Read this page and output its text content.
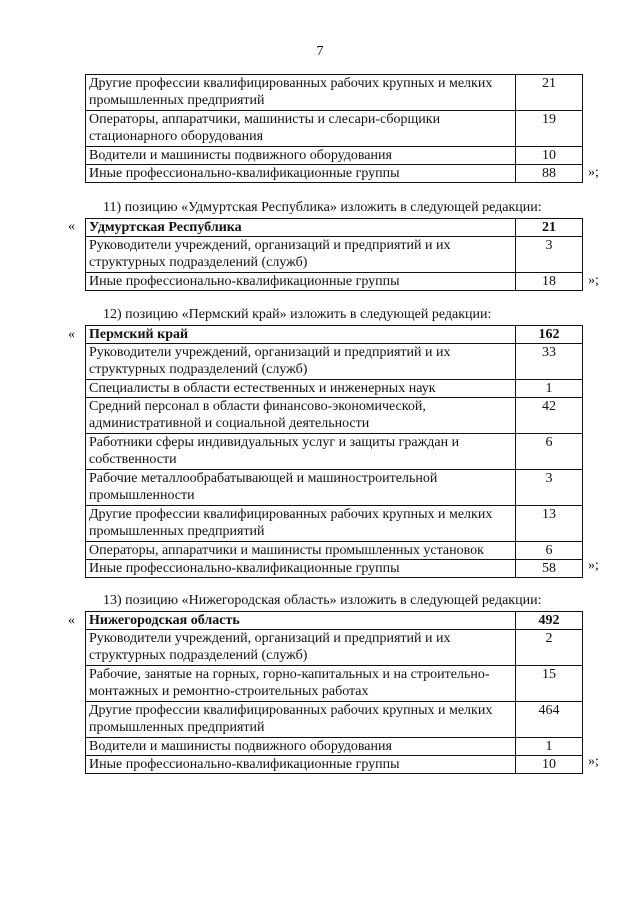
7
Другие профессии квалифицированных рабочих крупных и мелких промышленных предприятий	21
Операторы, аппаратчики, машинисты и слесари-сборщики стационарного оборудования	19
Водители и машинисты подвижного оборудования	10
Иные профессионально-квалификационные группы	88 »;
11) позицию «Удмуртская Республика» изложить в следующей редакции:
« Удмуртская Республика	21
Руководители учреждений, организаций и предприятий и их структурных подразделений (служб)	3
Иные профессионально-квалификационные группы	18 »;
12) позицию «Пермский край» изложить в следующей редакции:
« Пермский край	162
Руководители учреждений, организаций и предприятий и их структурных подразделений (служб)	33
Специалисты в области естественных и инженерных наук	1
Средний персонал в области финансово-экономической, административной и социальной деятельности	42
Работники сферы индивидуальных услуг и защиты граждан и собственности	6
Рабочие металлообрабатывающей и машиностроительной промышленности	3
Другие профессии квалифицированных рабочих крупных и мелких промышленных предприятий	13
Операторы, аппаратчики и машинисты промышленных установок	6
Иные профессионально-квалификационные группы	58 »;
13) позицию «Нижегородская область» изложить в следующей редакции:
« Нижегородская область	492
Руководители учреждений, организаций и предприятий и их структурных подразделений (служб)	2
Рабочие, занятые на горных, горно-капитальных и на строительно-монтажных и ремонтно-строительных работах	15
Другие профессии квалифицированных рабочих крупных и мелких промышленных предприятий	464
Водители и машинисты подвижного оборудования	1
Иные профессионально-квалификационные группы	10 »;
